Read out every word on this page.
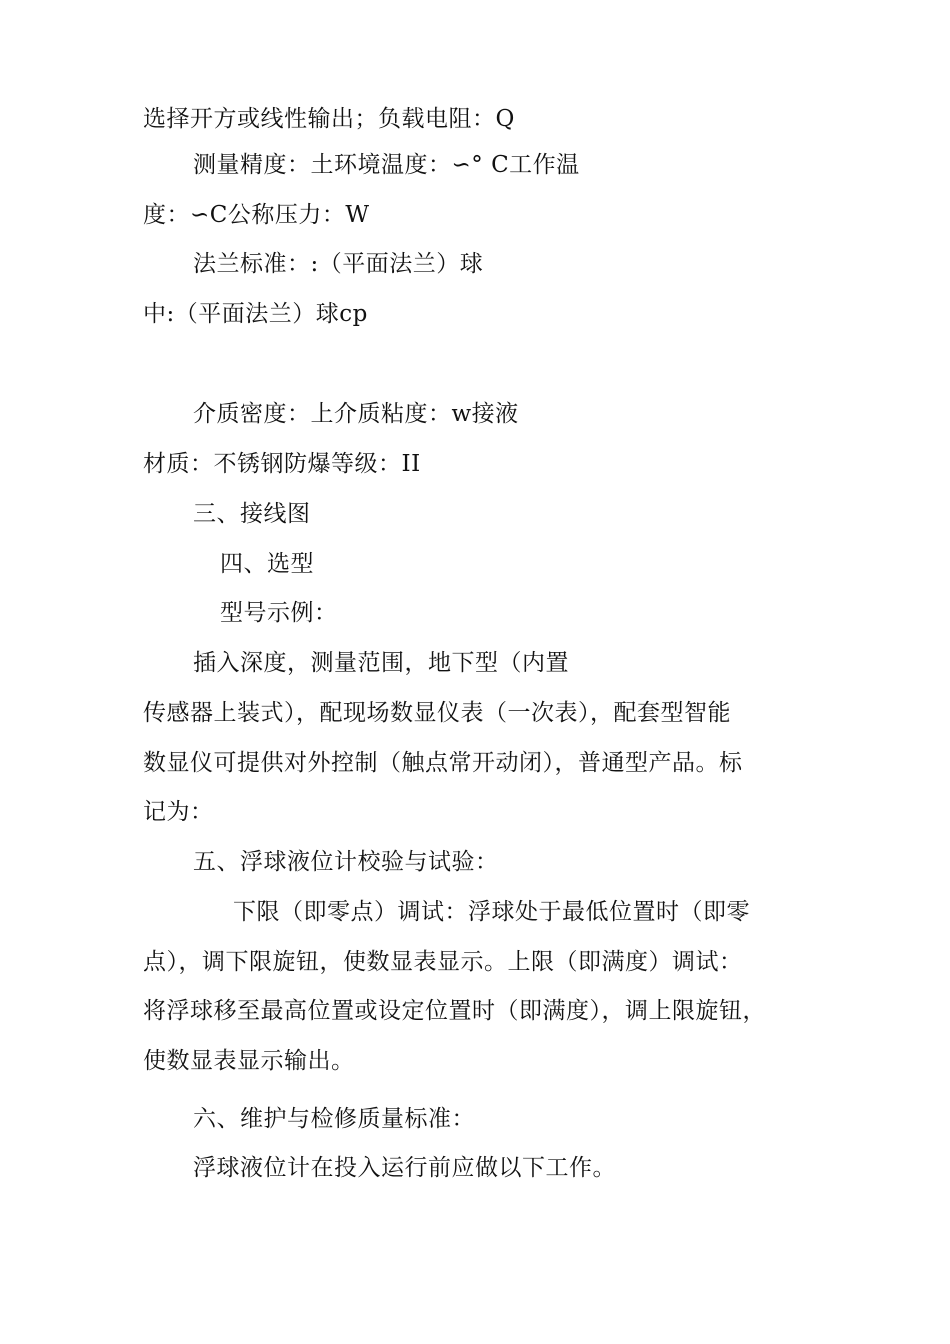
选择开方或线性输出；负载电阻：Q
测量精度：土环境温度：∽° C工作温
度：∽C公称压力：W
法兰标准：:（平面法兰）球
中:（平面法兰）球cp
介质密度：上介质粘度：w接液
材质：不锈钢防爆等级：II
三、接线图
四、选型
型号示例：
插入深度，测量范围，地下型（内置
传感器上装式），配现场数显仪表（一次表），配套型智能
数显仪可提供对外控制（触点常开动闭），普通型产品。标
记为：
五、浮球液位计校验与试验：
下限（即零点）调试：浮球处于最低位置时（即零
点），调下限旋钮，使数显表显示。上限（即满度）调试：
将浮球移至最高位置或设定位置时（即满度），调上限旋钮，
使数显表显示输出。
六、维护与检修质量标准：
浮球液位计在投入运行前应做以下工作。
